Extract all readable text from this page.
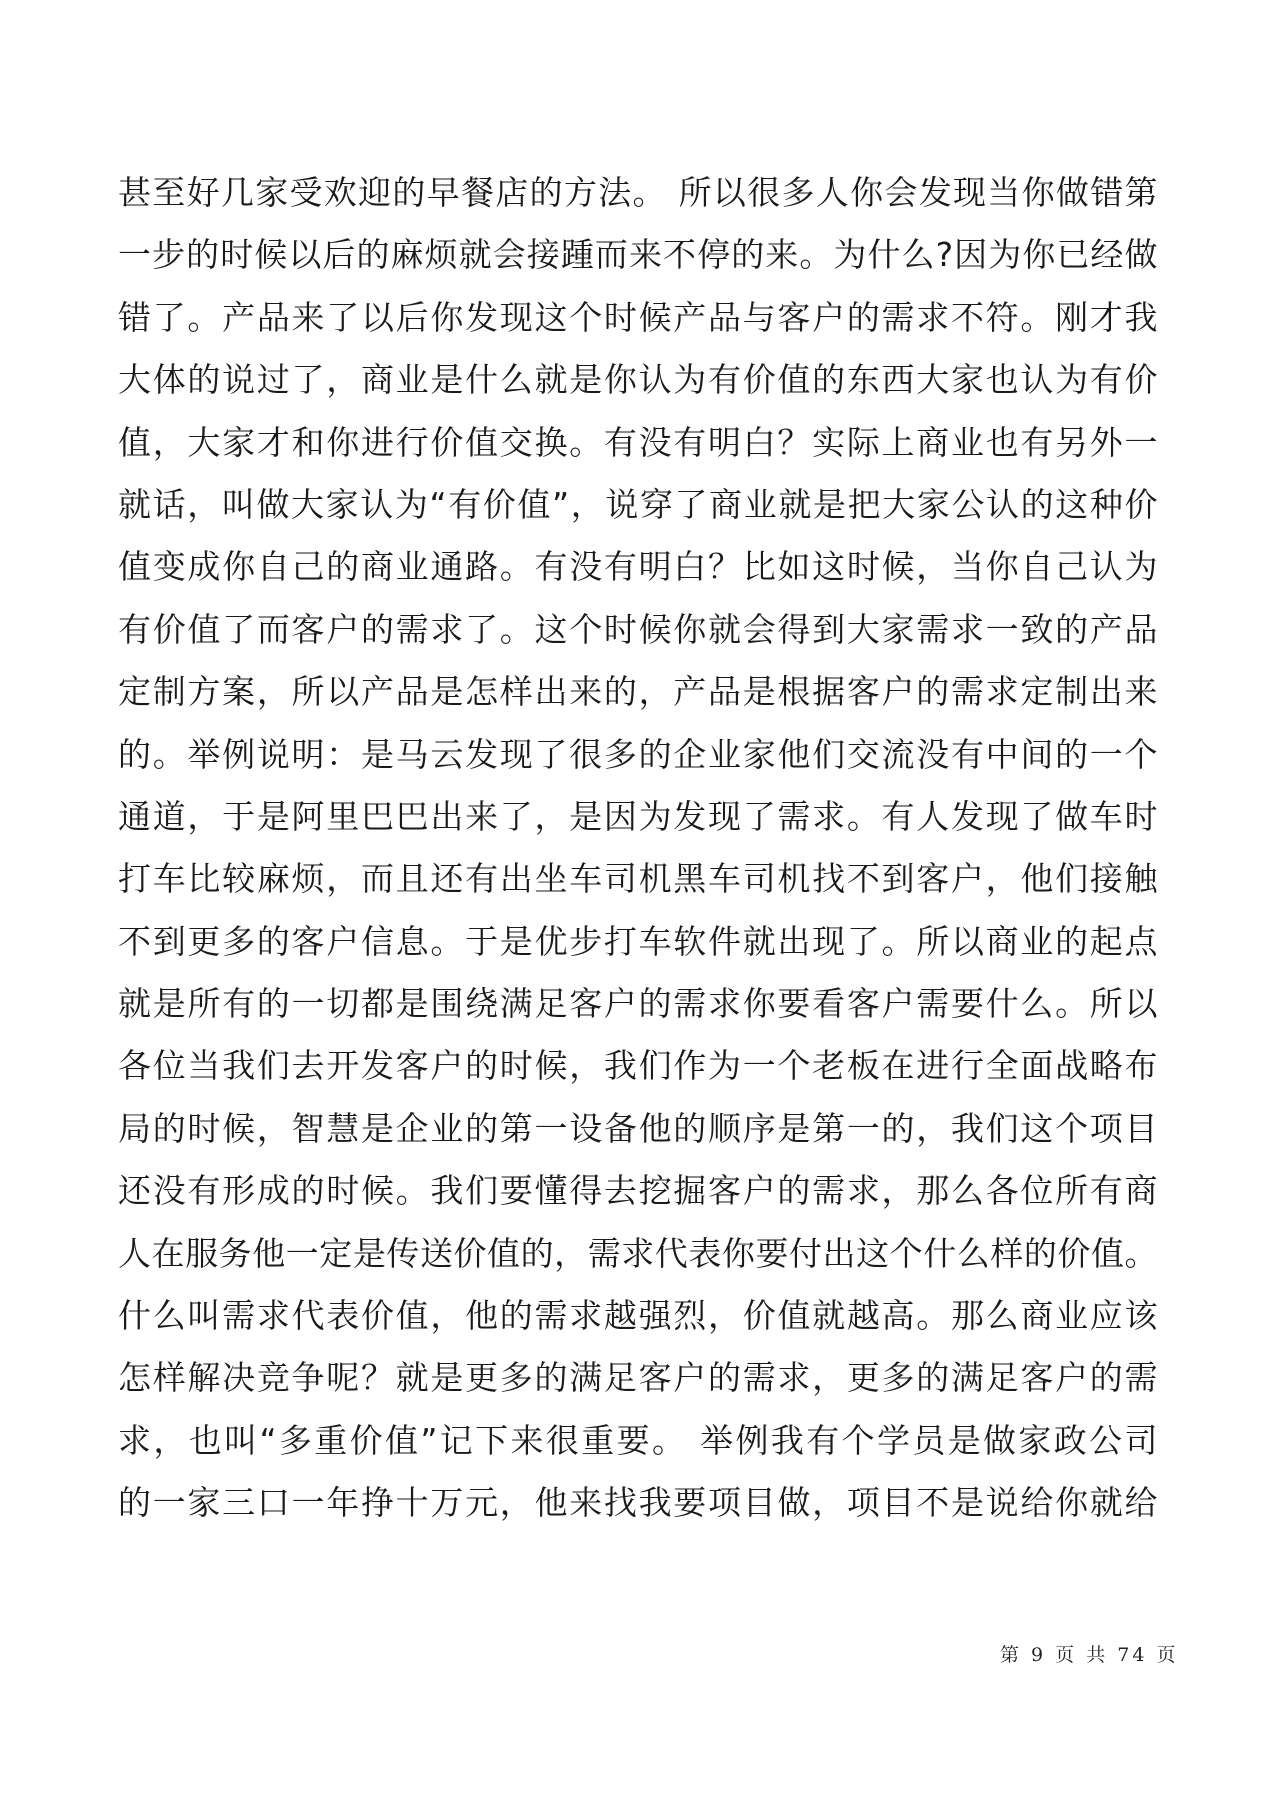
甚至好几家受欢迎的早餐店的方法。 所以很多人你会发现当你做错第
一步的时候以后的麻烦就会接踵而来不停的来。为什么?因为你已经做
错了。产品来了以后你发现这个时候产品与客户的需求不符。刚才我
大体的说过了，商业是什么就是你认为有价值的东西大家也认为有价
值，大家才和你进行价值交换。有没有明白？实际上商业也有另外一
就话，叫做大家认为“有价值”，说穿了商业就是把大家公认的这种价
值变成你自己的商业通路。有没有明白？比如这时候，当你自己认为
有价值了而客户的需求了。这个时候你就会得到大家需求一致的产品
定制方案，所以产品是怎样出来的，产品是根据客户的需求定制出来
的。举例说明：是马云发现了很多的企业家他们交流没有中间的一个
通道，于是阿里巴巴出来了，是因为发现了需求。有人发现了做车时
打车比较麻烦，而且还有出坐车司机黑车司机找不到客户，他们接触
不到更多的客户信息。于是优步打车软件就出现了。所以商业的起点
就是所有的一切都是围绕满足客户的需求你要看客户需要什么。所以
各位当我们去开发客户的时候，我们作为一个老板在进行全面战略布
局的时候，智慧是企业的第一设备他的顺序是第一的，我们这个项目
还没有形成的时候。我们要懂得去挖掘客户的需求，那么各位所有商
人在服务他一定是传送价值的，需求代表你要付出这个什么样的价值。
什么叫需求代表价值，他的需求越强烈，价值就越高。那么商业应该
怎样解决竞争呢？就是更多的满足客户的需求，更多的满足客户的需
求，也叫“多重价值”记下来很重要。 举例我有个学员是做家政公司
的一家三口一年挣十万元，他来找我要项目做，项目不是说给你就给
第 9 页 共 74 页
